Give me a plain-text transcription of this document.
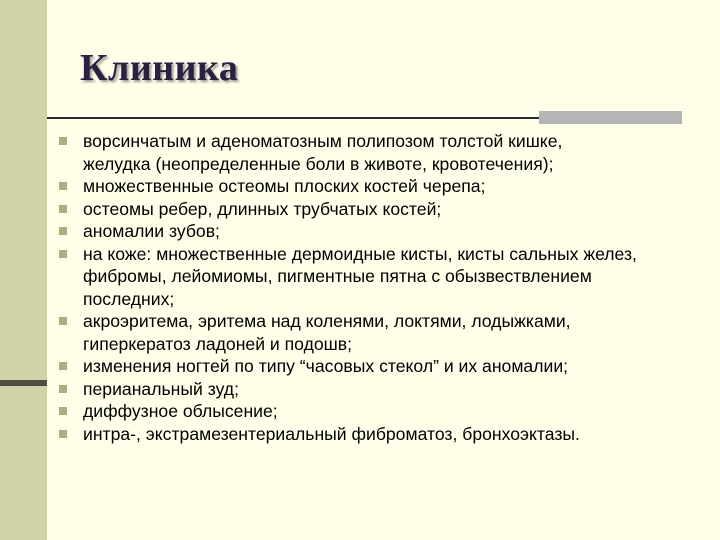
Клиника
ворсинчатым и аденоматозным полипозом толстой кишке,
желудка (неопределенные боли в животе, кровотечения);
множественные остеомы плоских костей черепа;
остеомы ребер, длинных трубчатых костей;
аномалии зубов;
на коже: множественные дермоидные кисты, кисты сальных желез,
фибромы, лейомиомы, пигментные пятна с обызвествлением
последних;
акроэритема, эритема над коленями, локтями, лодыжками,
гиперкератоз ладоней и подошв;
изменения ногтей по типу “часовых стекол” и их аномалии;
перианальный зуд;
диффузное облысение;
интра-, экстрамезентериальный фиброматоз, бронхоэктазы.
